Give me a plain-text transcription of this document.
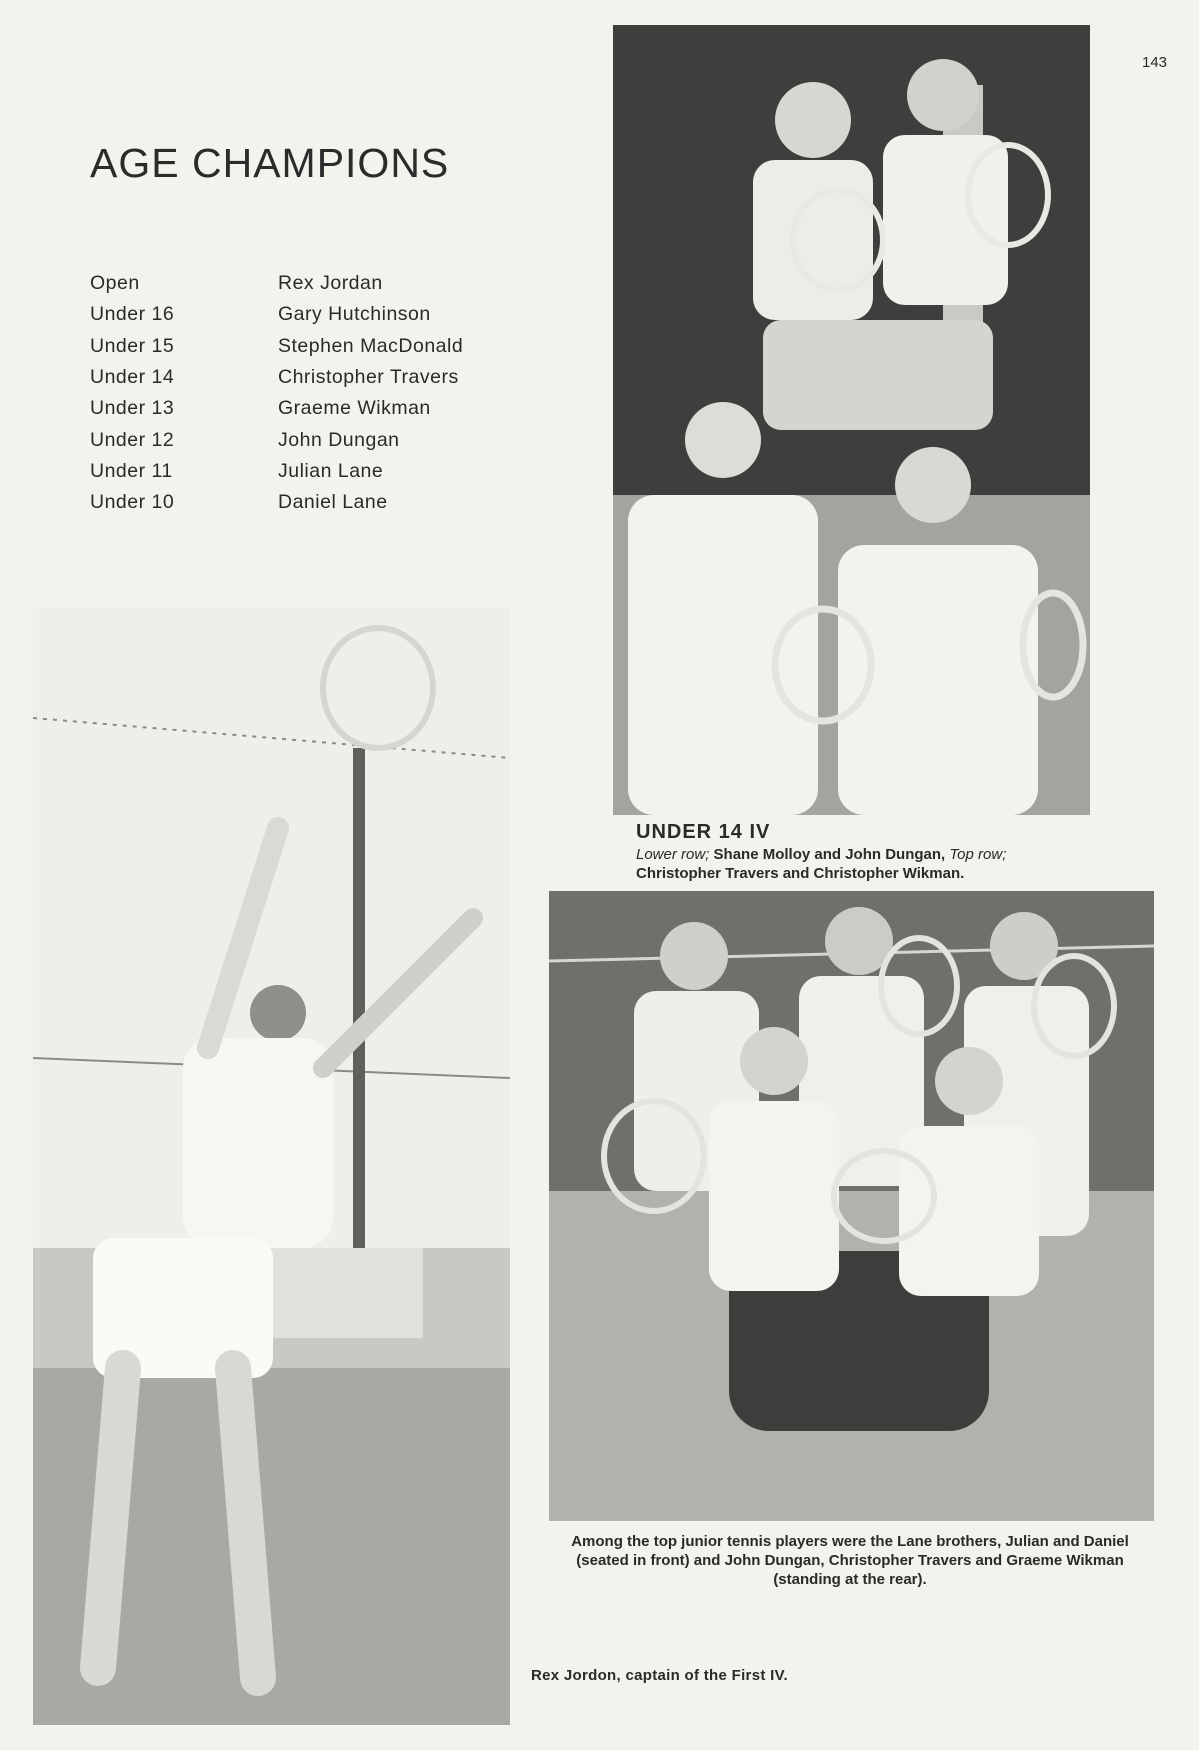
143
AGE CHAMPIONS
Open	Rex Jordan
Under 16	Gary Hutchinson
Under 15	Stephen MacDonald
Under 14	Christopher Travers
Under 13	Graeme Wikman
Under 12	John Dungan
Under 11	Julian Lane
Under 10	Daniel Lane
UNDER 14 IV
Lower row; Shane Molloy and John Dungan, Top row; Christopher Travers and Christopher Wikman.
Among the top junior tennis players were the Lane brothers, Julian and Daniel (seated in front) and John Dungan, Christopher Travers and Graeme Wikman (standing at the rear).
Rex Jordon, captain of the First IV.
